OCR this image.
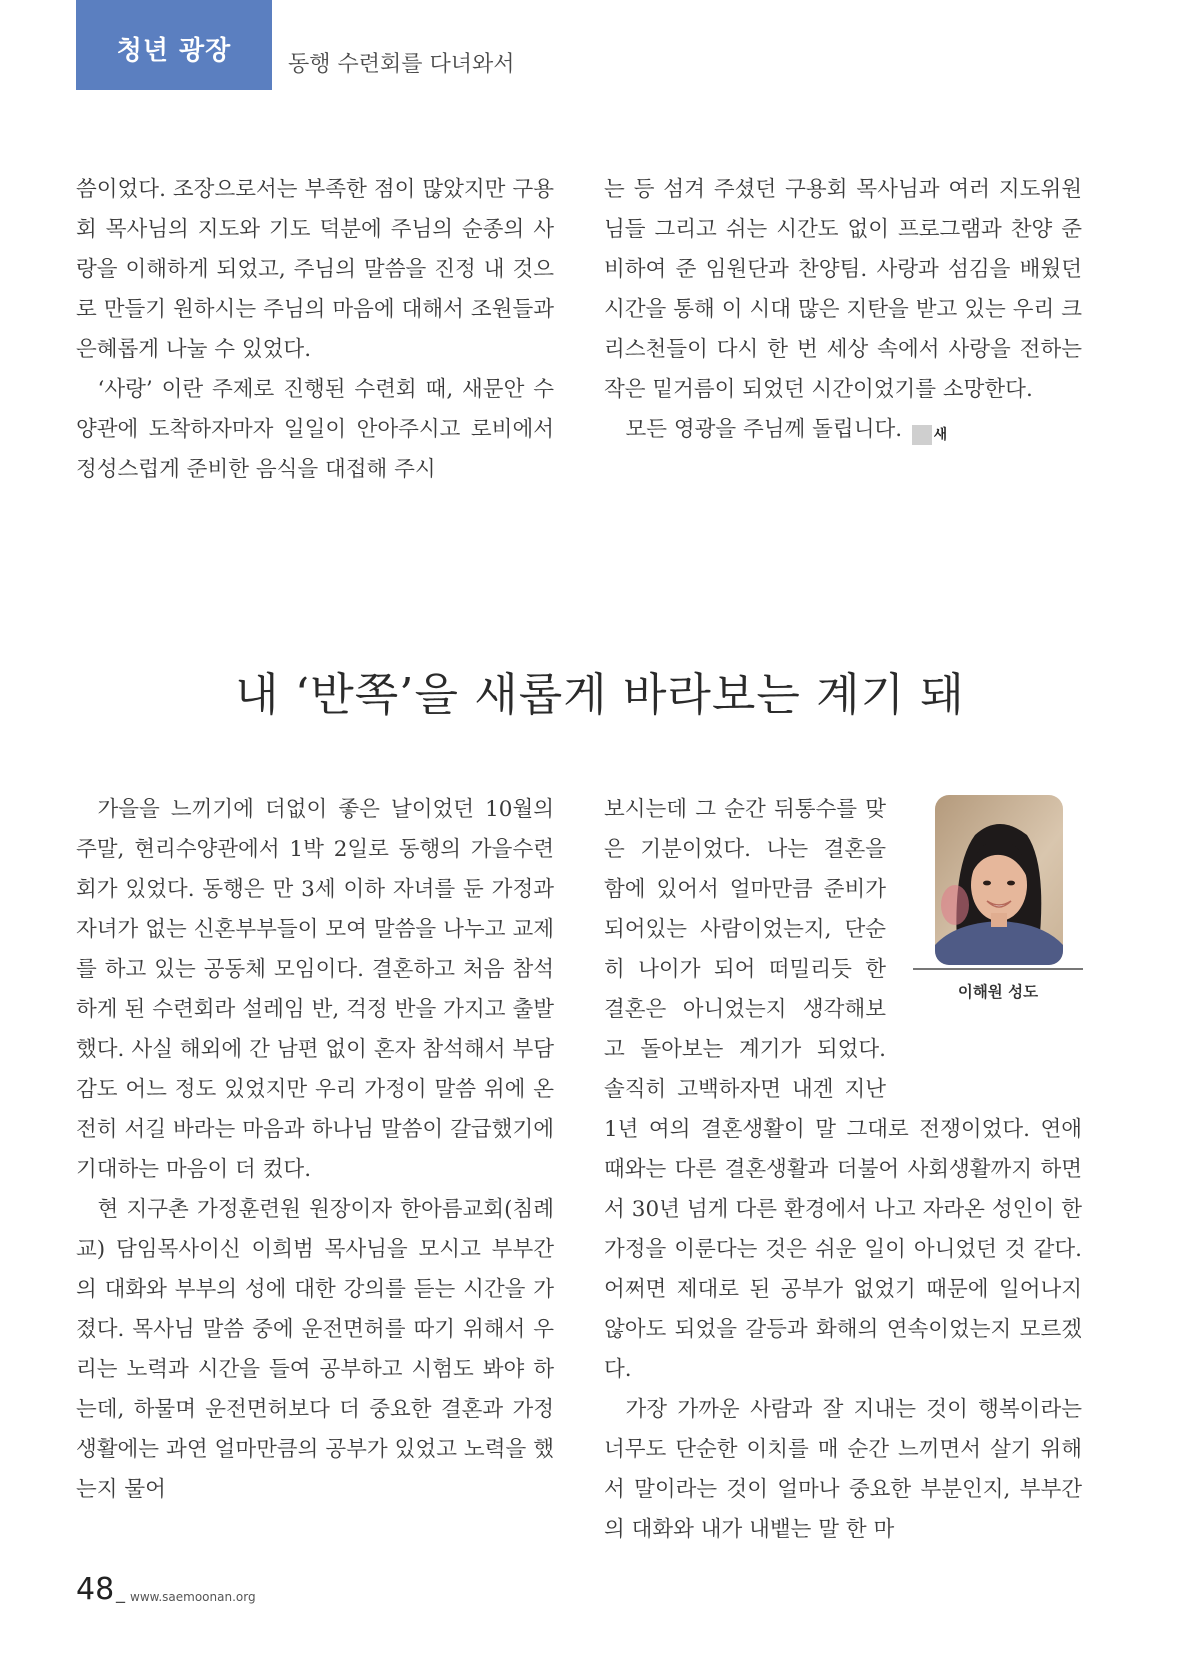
청년 광장	동행 수련회를 다녀와서

씀이었다. 조장으로서는 부족한 점이 많았지만 구용회 목사님의 지도와 기도 덕분에 주님의 순종의 사랑을 이해하게 되었고, 주님의 말씀을 진정 내 것으로 만들기 원하시는 주님의 마음에 대해서 조원들과 은혜롭게 나눌 수 있었다.

‘사랑’ 이란 주제로 진행된 수련회 때, 새문안 수양관에 도착하자마자 일일이 안아주시고 로비에서 정성스럽게 준비한 음식을 대접해 주시

는 등 섬겨 주셨던 구용회 목사님과 여러 지도위원님들 그리고 쉬는 시간도 없이 프로그램과 찬양 준비하여 준 임원단과 찬양팀. 사랑과 섬김을 배웠던 시간을 통해 이 시대 많은 지탄을 받고 있는 우리 크리스천들이 다시 한 번 세상 속에서 사랑을 전하는 작은 밑거름이 되었던 시간이었기를 소망한다.

모든 영광을 주님께 돌립니다. 새

내 ‘반쪽’을 새롭게 바라보는 계기 돼

가을을 느끼기에 더없이 좋은 날이었던 10월의 주말, 현리수양관에서 1박 2일로 동행의 가을수련회가 있었다. 동행은 만 3세 이하 자녀를 둔 가정과 자녀가 없는 신혼부부들이 모여 말씀을 나누고 교제를 하고 있는 공동체 모임이다. 결혼하고 처음 참석하게 된 수련회라 설레임 반, 걱정 반을 가지고 출발했다. 사실 해외에 간 남편 없이 혼자 참석해서 부담감도 어느 정도 있었지만 우리 가정이 말씀 위에 온전히 서길 바라는 마음과 하나님 말씀이 갈급했기에 기대하는 마음이 더 컸다.

현 지구촌 가정훈련원 원장이자 한아름교회(침례교) 담임목사이신 이희범 목사님을 모시고 부부간의 대화와 부부의 성에 대한 강의를 듣는 시간을 가졌다. 목사님 말씀 중에 운전면허를 따기 위해서 우리는 노력과 시간을 들여 공부하고 시험도 봐야 하는데, 하물며 운전면허보다 더 중요한 결혼과 가정생활에는 과연 얼마만큼의 공부가 있었고 노력을 했는지 물어

보시는데 그 순간 뒤통수를 맞은 기분이었다. 나는 결혼을 함에 있어서 얼마만큼 준비가 되어있는 사람이었는지, 단순히 나이가 되어 떠밀리듯 한 결혼은 아니었는지 생각해보고 돌아보는 계기가 되었다. 솔직히 고백하자면 내겐 지난 1년 여의 결혼생활이 말 그대로 전쟁이었다. 연애 때와는 다른 결혼생활과 더불어 사회생활까지 하면서 30년 넘게 다른 환경에서 나고 자라온 성인이 한 가정을 이룬다는 것은 쉬운 일이 아니었던 것 같다. 어쩌면 제대로 된 공부가 없었기 때문에 일어나지 않아도 되었을 갈등과 화해의 연속이었는지 모르겠다.

가장 가까운 사람과 잘 지내는 것이 행복이라는 너무도 단순한 이치를 매 순간 느끼면서 살기 위해서 말이라는 것이 얼마나 중요한 부분인지, 부부간의 대화와 내가 내뱉는 말 한 마

이해원 성도
48 _ www.saemoonan.org
